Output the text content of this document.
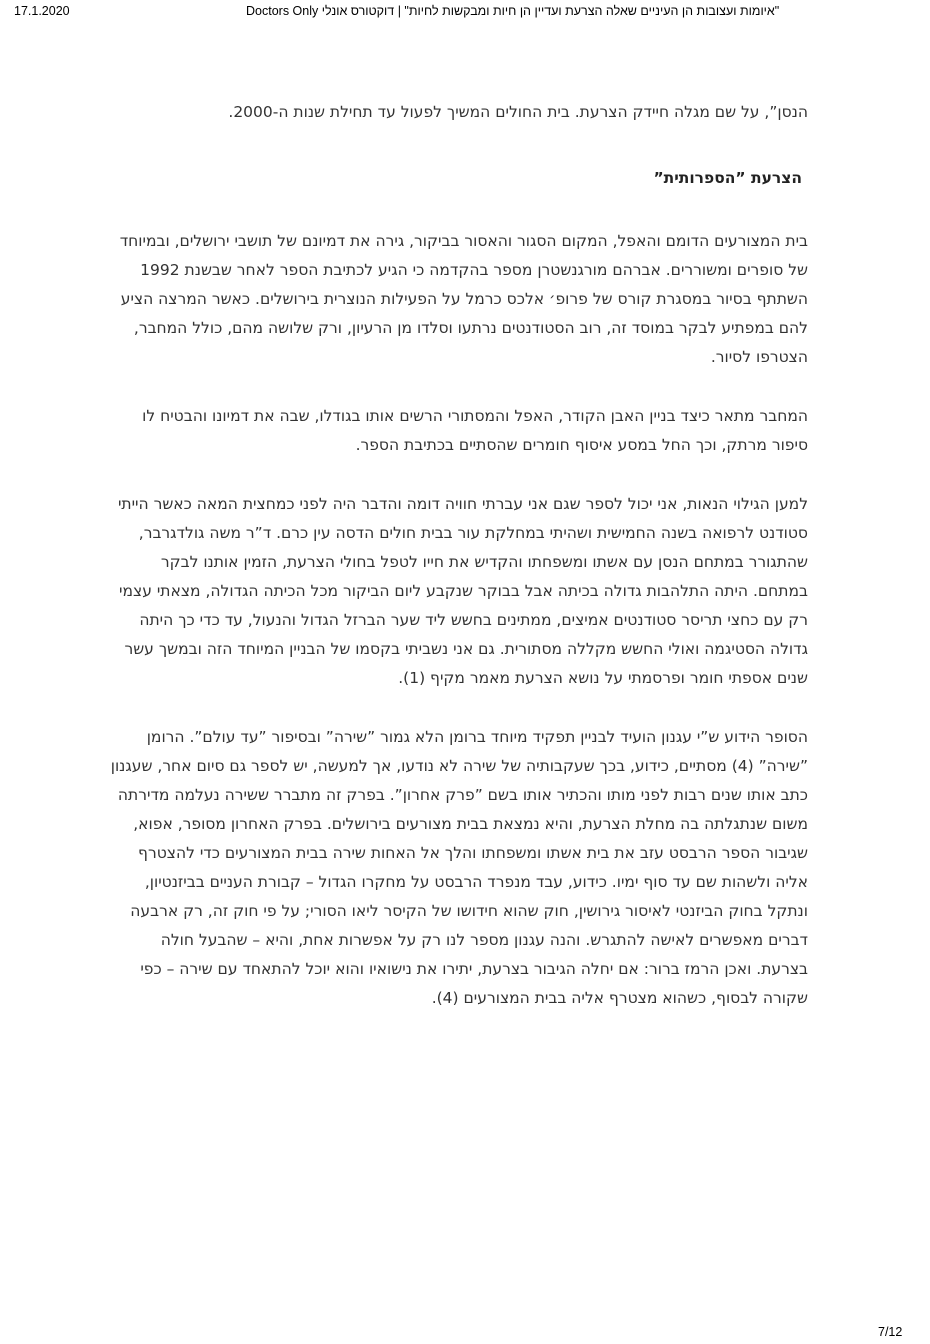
17.1.2020	"איומות ועצובות הן העיניים שאלה הצרעת ועדיין הן חיות ומבקשות לחיות" | דוקטורס אונלי Doctors Only

הנסן”, על שם מגלה חיידק הצרעת. בית החולים המשיך לפעול עד תחילת שנות ה-2000.

הצרעת ”הספרותית”

בית המצורעים הדומם והאפל, המקום הסגור והאסור בביקור, גירה את דמיונם של תושבי ירושלים, ובמיוחד של סופרים ומשוררים. אברהם מורגנשטרן מספר בהקדמה כי הגיע לכתיבת הספר לאחר שבשנת 1992 השתתף בסיור במסגרת קורס של פרופ׳ אלכס כרמל על הפעילות הנוצרית בירושלים. כאשר המרצה הציע להם במפתיע לבקר במוסד זה, רוב הסטודנטים נרתעו וסלדו מן הרעיון, ורק שלושה מהם, כולל המחבר, הצטרפו לסיור.

המחבר מתאר כיצד בניין האבן הקודר, האפל והמסתורי הרשים אותו בגודלו, שבה את דמיונו והבטיח לו סיפור מרתק, וכך החל במסע איסוף חומרים שהסתיים בכתיבת הספר.

למען הגילוי הנאות, אני יכול לספר שגם אני עברתי חוויה דומה והדבר היה לפני כמחצית המאה כאשר הייתי סטודנט לרפואה בשנה החמישית ושהיתי במחלקת עור בבית חולים הדסה עין כרם. ד”ר משה גולדגרבר, שהתגורר במתחם הנסן עם אשתו ומשפחתו והקדיש את חייו לטפל בחולי הצרעת, הזמין אותנו לבקר במתחם. היתה התלהבות גדולה בכיתה אבל בבוקר שנקבע ליום הביקור מכל הכיתה הגדולה, מצאתי עצמי רק עם כחצי תריסר סטודנטים אמיצים, ממתינים בחשש ליד שער הברזל הגדול והנעול, עד כדי כך היתה גדולה הסטיגמה ואולי החשש מקללה מסתורית. גם אני נשביתי בקסמו של הבניין המיוחד הזה ובמשך עשר שנים אספתי חומר ופרסמתי על נושא הצרעת מאמר מקיף (1).

הסופר הידוע ש”י עגנון הועיד לבניין תפקיד מיוחד ברומן הלא גמור ”שירה” ובסיפור ”עד עולם”. הרומן ”שירה” (4) מסתיים, כידוע, בכך שעקבותיה של שירה לא נודעו, אך למעשה, יש לספר גם סיום אחר, שעגנון כתב אותו שנים רבות לפני מותו והכתיר אותו בשם ”פרק אחרון”. בפרק זה מתברר ששירה נעלמה מדירתה משום שנתגלתה בה מחלת הצרעת, והיא נמצאת בבית מצורעים בירושלים. בפרק האחרון מסופר, אפוא, שגיבור הספר הרבסט עזב את בית אשתו ומשפחתו והלך אל האחות שירה בבית המצורעים כדי להצטרף אליה ולשהות שם עד סוף ימיו. כידוע, עבד מנפרד הרבסט על מחקרו הגדול – קבורת העניים בביזנטיון, ונתקל בחוק הביזנטי לאיסור גירושין, חוק שהוא חידושו של הקיסר ליאו הסורי; על פי חוק זה, רק ארבעה דברים מאפשרים לאישה להתגרש. והנה עגנון מספר לנו רק על אפשרות אחת, והיא – שהבעל חולה בצרעת. ואכן הרמז ברור: אם יחלה הגיבור בצרעת, יתירו את נישואיו והוא יוכל להתאחד עם שירה – כפי שקורה לבסוף, כשהוא מצטרף אליה בבית המצורעים (4).

7/12
